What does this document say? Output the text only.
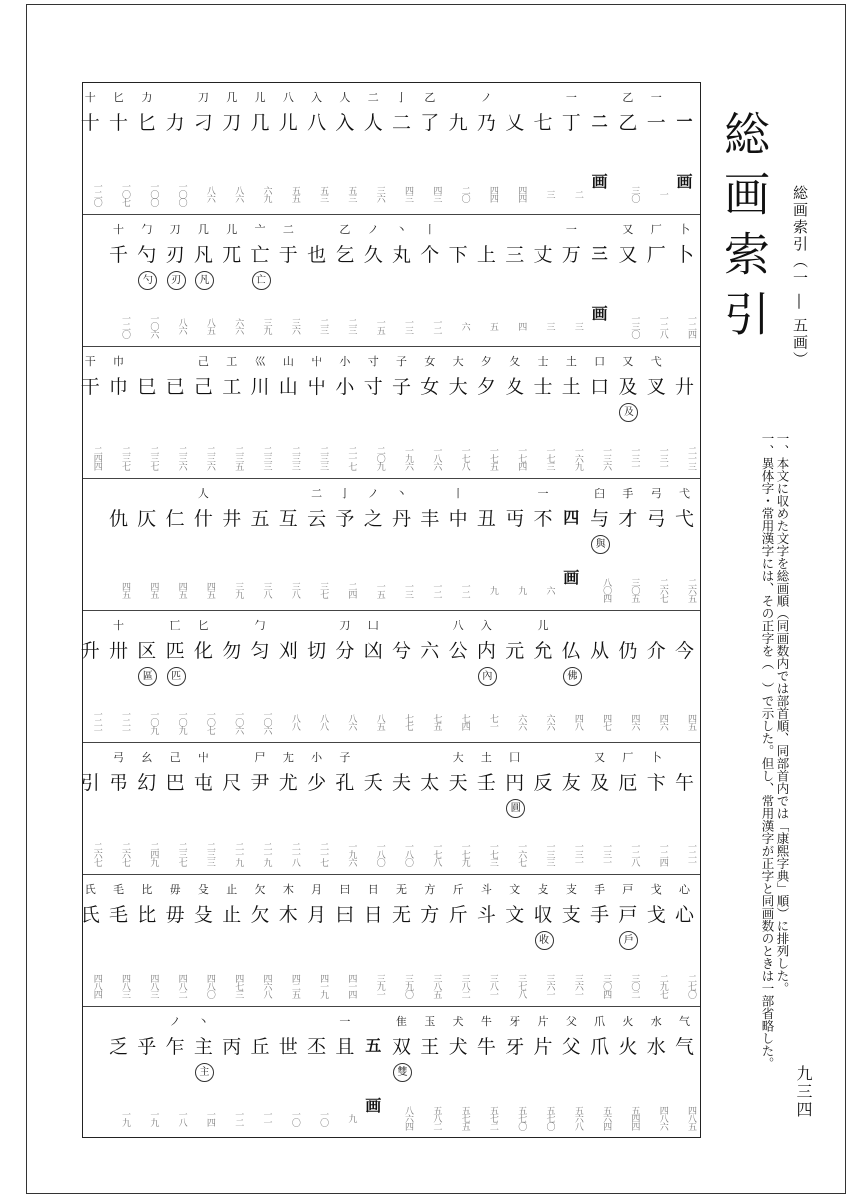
一
画
一
一
一
乙
乙
三〇
二
画
一
丁
二
七
三
乂
四四
ノ
乃
四四
九
二〇
乙
了
四三
亅
二
四三
二
人
三六
人
入
五三
入
八
五三
八
儿
五五
儿
几
六九
几
刀
八六
刀
刁
八六
力
一〇〇
力
匕
一〇〇
匕
十
一〇七
十
十
一二〇
卜
卜
一二四
厂
厂
一二八
又
又
一三〇
三
画
一
万
三
丈
三
三
四
上
五
下
六
丨
个
一二
丶
丸
一三
ノ
久
一五
乙
乞
二三
也
二三
二
于
三六
亠
亡
亡
三九
儿
兀
六六
几
凡
凡
八五
刀
刃
刃
八六
勹
勺
勺
一〇六
十
千
一二〇
廾
二一三
弋
叉
一三一
又
及
及
一三一
口
口
一三六
土
土
一六九
士
士
一七三
夂
夊
一七四
夕
夕
一七五
大
大
一七八
女
女
一八六
子
子
一九六
寸
寸
二〇九
小
小
二一七
屮
屮
二三三
山
山
二三三
巛
川
二三三
工
工
二三五
己
己
二三六
已
二三六
巳
二三七
巾
巾
二三七
干
干
二四四
弋
弋
二六五
弓
弓
二六七
手
才
三〇五
臼
与
與
八〇四
四
画
一
不
六
丏
九
丑
九
丨
中
一二
丰
一二
丶
丹
一三
ノ
之
一五
亅
予
二四
二
云
三七
互
三八
五
三八
井
三九
人
什
四五
仁
四五
仄
四五
仇
四五
今
四五
介
四六
仍
四六
从
四七
仏
佛
四八
儿
允
六六
元
六六
入
内
內
七一
八
公
七四
六
七五
兮
七七
凵
凶
八五
刀
分
八六
切
八八
刈
八八
勹
匀
一〇六
勿
一〇六
匕
化
一〇七
匸
匹
匹
一〇九
区
區
一〇九
十
卅
一二一
升
一二一
午
一二一
卜
卞
一二四
厂
厄
一二八
又
及
一三一
友
一三一
反
一三三
囗
円
圓
一六七
土
壬
一七三
大
天
一七九
太
一七八
夫
一八〇
夭
一八〇
子
孔
一九六
小
少
二一七
尢
尤
二一八
尸
尹
二一九
尺
二一九
屮
屯
二三三
己
巴
二三七
幺
幻
二四九
弓
弔
二六七
引
二六七
心
心
二七〇
戈
戈
二九七
戸
戸
戶
三〇二
手
手
三〇四
支
支
三六一
攴
収
收
三六一
文
文
三七八
斗
斗
三八一
斤
斤
三八二
方
方
三八五
无
无
三九〇
日
日
三九一
曰
曰
四一四
月
月
四一九
木
木
四二五
欠
欠
四六八
止
止
四七三
殳
殳
四八〇
毋
毋
四八二
比
比
四八三
毛
毛
四八三
氏
氏
四八四
气
气
四八五
水
水
四八六
火
火
五四四
爪
爪
五六四
父
父
五六八
片
片
五七〇
牙
牙
五七〇
牛
牛
五七二
犬
犬
五七五
玉
王
五八二
隹
双
雙
八六四
五
画
一
且
九
丕
一〇
世
一〇
丘
一一
丙
一二
丶
主
主
一四
ノ
乍
一八
乎
一九
乏
一九
総画索引 総画索引（一 ― 五画）

一、本文に収めた文字を総画順（同画数内では部首順、同部首内では「康熙字典」順）に排列した。

一、異体字・常用漢字には、その正字を（　）で示した。但し、常用漢字が正字と同画数のときは一部省略した。

九三四
